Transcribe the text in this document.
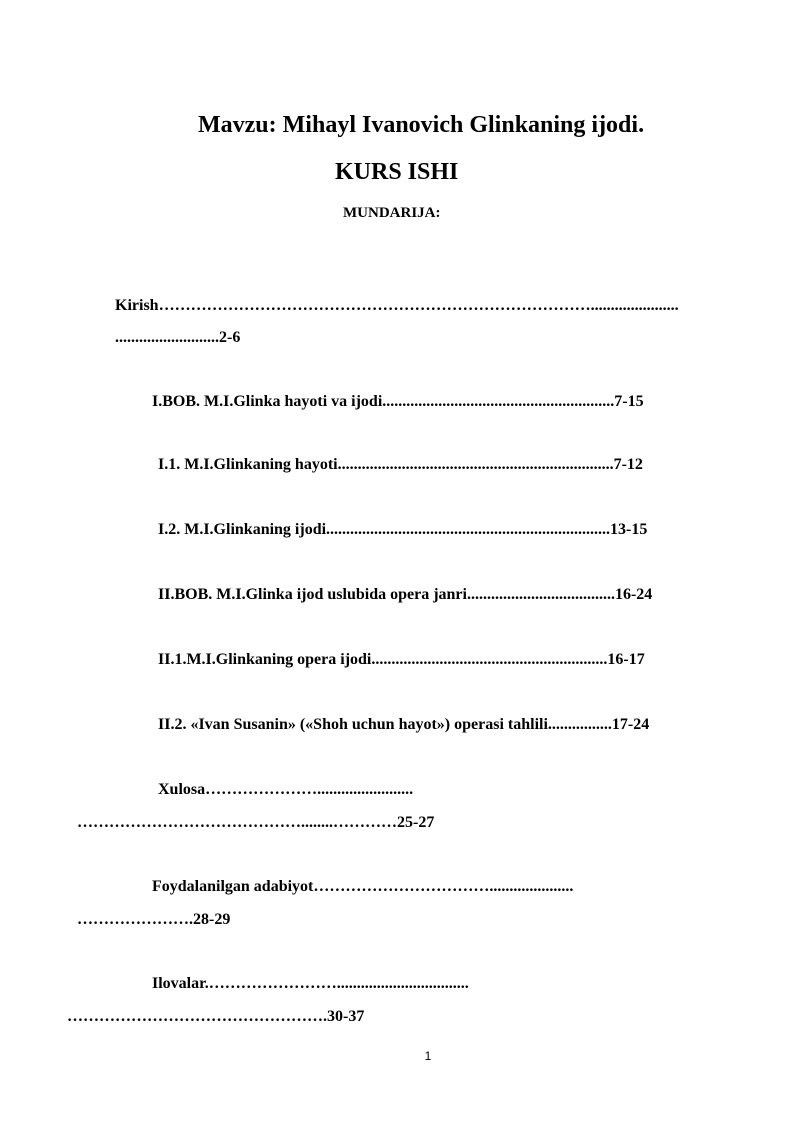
Mavzu: Mihayl Ivanovich Glinkaning ijodi.
KURS ISHI
MUNDARIJA:
Kirish………………………………………………………………………......................
..........................2-6
I.BOB. M.I.Glinka hayoti va ijodi..........................................................7-15
I.1. M.I.Glinkaning hayoti.....................................................................7-12
I.2. M.I.Glinkaning ijodi.......................................................................13-15
II.BOB. M.I.Glinka ijod uslubida opera janri.....................................16-24
II.1.M.I.Glinkaning opera ijodi...........................................................16-17
II.2. «Ivan Susanin» («Shoh uchun hayot») operasi tahlili................17-24
Xulosa…………………........................
……………………………………........…………25-27
Foydalanilgan adabiyot…………………………….....................
………………….28-29
Ilovalar.…………………….................................
………………………………………….30-37
1
